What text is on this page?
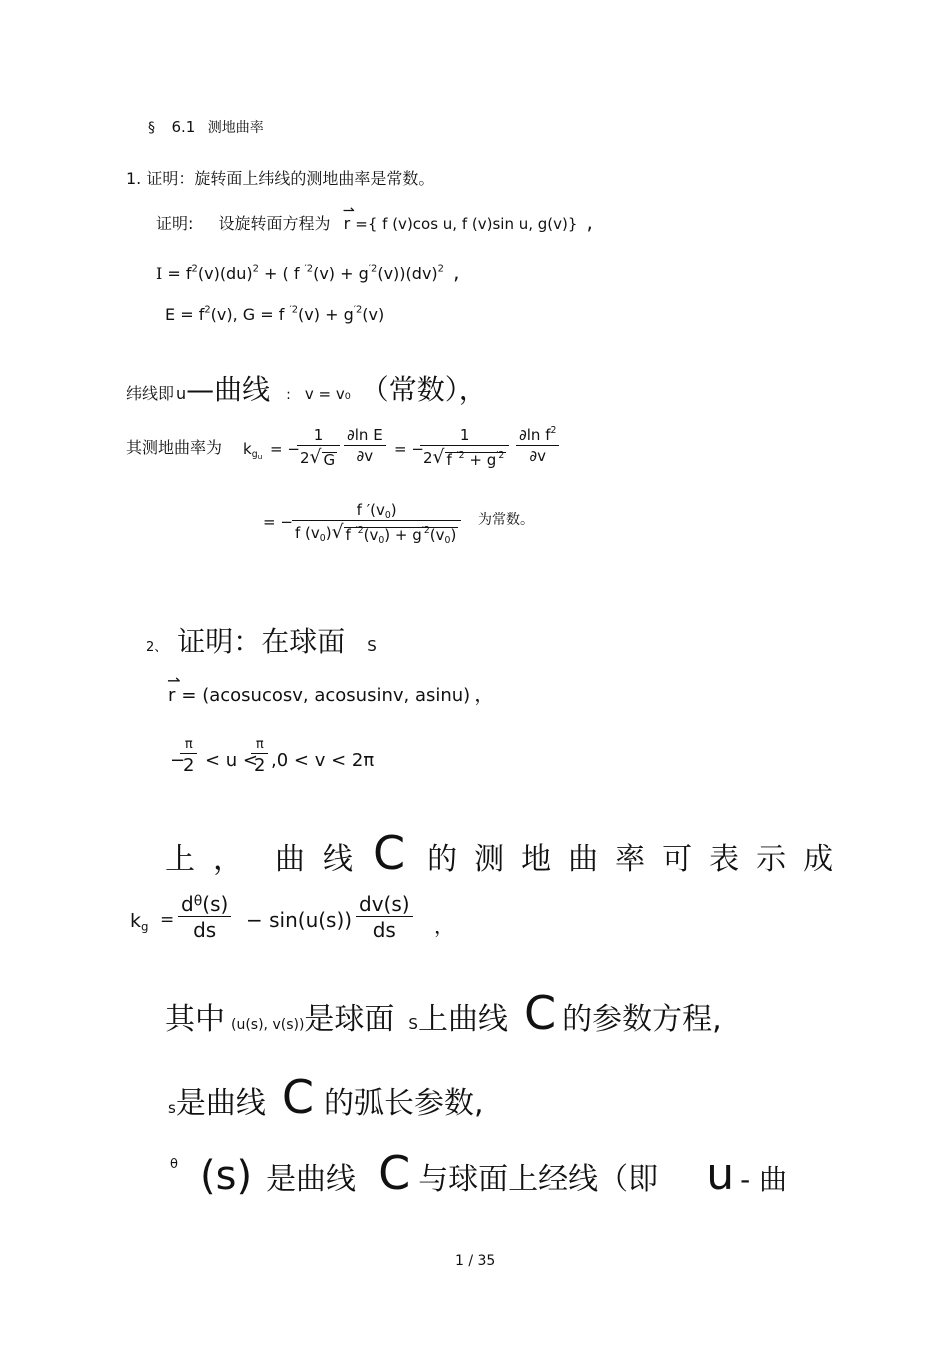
§ 6.1 测地曲率
1. 证明：旋转面上纬线的测地曲率是常数。
证明: 设旋转面方程为
⇀
r ={ f (v)cos u, f (v)sin u, g(v)} ,
$I = f^2(v)(du)^2$ + ( f $^{'2}(v) + g^{'2}(v))(dv)^2$ ,
$E = f^2(v)$, G = f $^{'2}(v) + g^{'2}(v)$
纬线即 u —曲线 : v = v₀ （常数），
其测地曲率为 $k_{g_u}$ = −
1
2 √ G
∂ln E
∂v = −
1
2 √ f $^{'2} + g^{'2}$
∂ln $f^2$
∂v
= −
f $'(v_0)$
f $(v_0)$ √ f $^{'2}(v_0) + g^{'2}(v_0)$
为常数。
2、 证明：在球面 S
⇀
r = (acosucosv, acosusinv, asinu) ，
−
π
2 < u <
π
2 ,0 < v < 2π
上， 曲线 C 的测地曲率可表示成
$k_g$ =
$d^\theta(s)$
ds − sin(u(s))
dv(s)
ds ，
其中 (u(s), v(s)) 是球面 S 上曲线 C 的参数方程,
s 是曲线 C 的弧长参数,
θ (s) 是曲线 C 与球面上经线（即 u - 曲
1 / 35
